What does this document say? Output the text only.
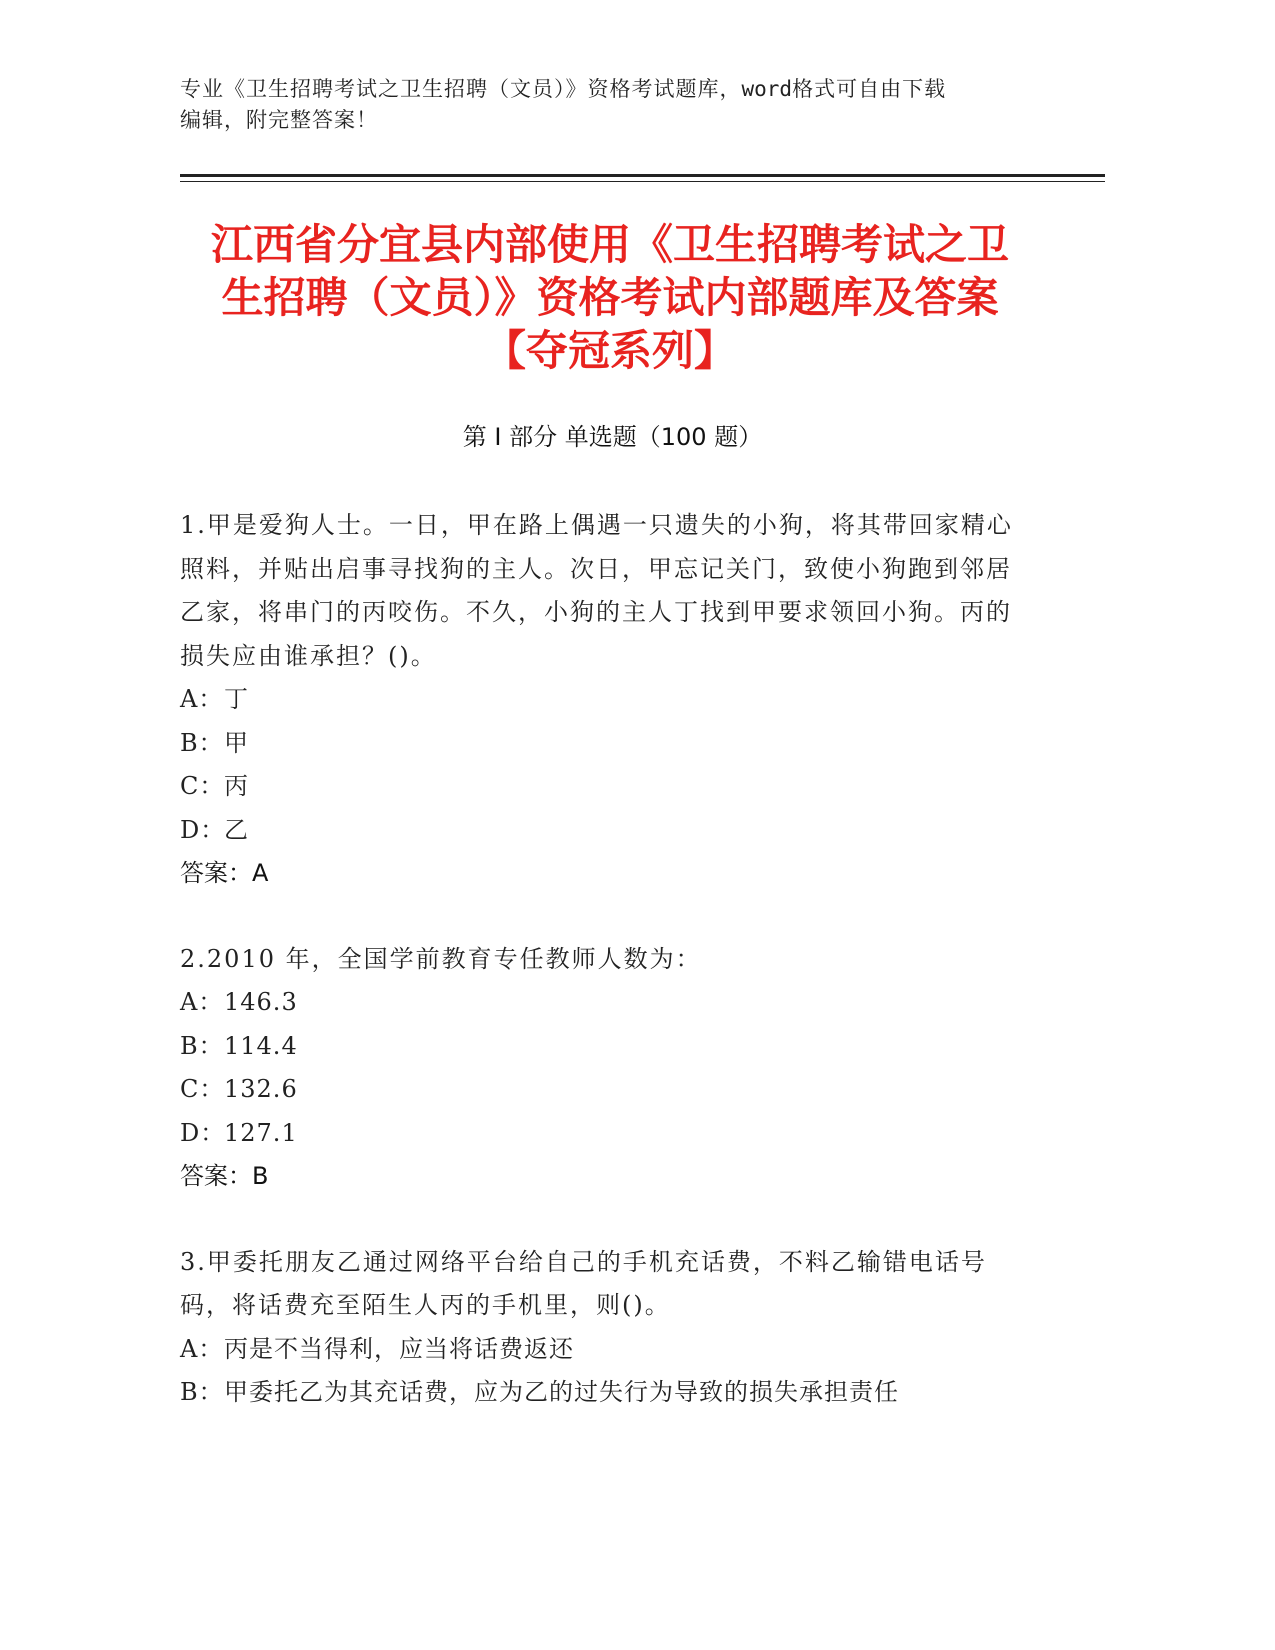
专业《卫生招聘考试之卫生招聘（文员）》资格考试题库，word格式可自由下载
编辑，附完整答案！
江西省分宜县内部使用《卫生招聘考试之卫
生招聘（文员）》资格考试内部题库及答案
【夺冠系列】
第 I 部分 单选题（100 题）
1.甲是爱狗人士。一日，甲在路上偶遇一只遗失的小狗，将其带回家精心照料，并贴出启事寻找狗的主人。次日，甲忘记关门，致使小狗跑到邻居乙家，将串门的丙咬伤。不久，小狗的主人丁找到甲要求领回小狗。丙的损失应由谁承担？()。
A： 丁
B： 甲
C： 丙
D：
乙
答案：A
2.2010 年，全国学前教育专任教师人数为：
A： 146.3
B： 114.4
C： 132.6
D：
127.1
答案：B
3.甲委托朋友乙通过网络平台给自己的手机充话费，不料乙输错电话号码，将话费充至陌生人丙的手机里，则()。
A： 丙是不当得利，应当将话费返还
B： 甲委托乙为其充话费，应为乙的过失行为导致的损失承担责任
